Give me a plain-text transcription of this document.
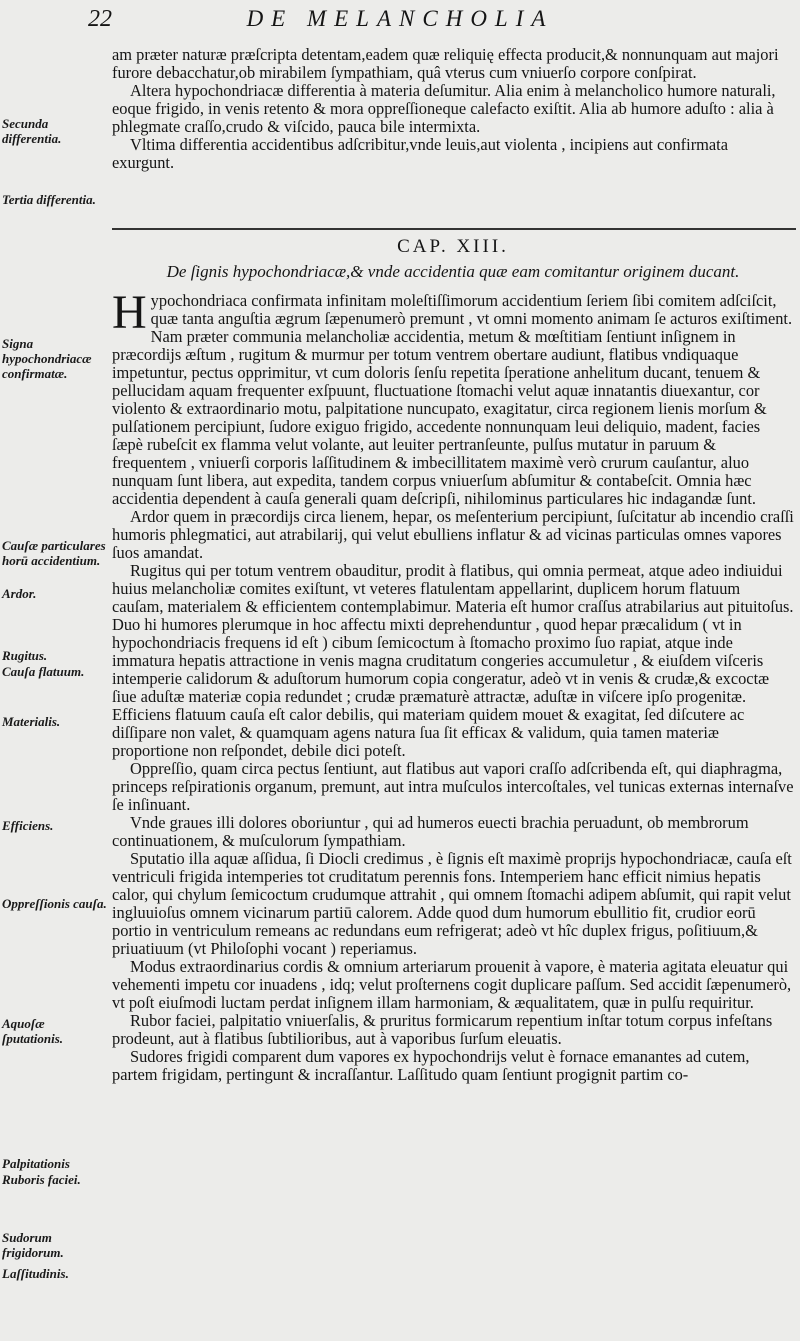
22	DE MELANCHOLIA

am præter naturæ præſcripta detentam,eadem quæ reliquię effecta producit,& nonnunquam aut majori furore debacchatur,ob mirabilem ſympathiam, quâ vterus cum vniuerſo corpore conſpirat.

Altera hypochondriacæ differentia à materia deſumitur. Alia enim à melancholico humore naturali, eoque frigido, in venis retento & mora oppreſſioneque calefacto exiſtit. Alia ab humore aduſto : alia à phlegmate craſſo,crudo & viſcido, pauca bile intermixta.

Vltima differentia accidentibus adſcribitur,vnde leuis,aut violenta , incipiens aut confirmata exurgunt.

CAP. XIII.
De ſignis hypochondriacæ,& vnde accidentia quæ eam comitantur originem ducant.

Hypochondriaca confirmata infinitam moleſtiſſimorum accidentium ſeriem ſibi comitem adſciſcit, quæ tanta anguſtia ægrum ſæpenumerò premunt , vt omni momento animam ſe acturos exiſtiment. Nam præter communia melancholiæ accidentia, metum & mœſtitiam ſentiunt inſignem in præcordijs æſtum , rugitum & murmur per totum ventrem obertare audiunt, flatibus vndiquaque impetuntur, pectus opprimitur, vt cum doloris ſenſu repetita ſperatione anhelitum ducant, tenuem & pellucidam aquam frequenter exſpuunt, fluctuatione ſtomachi velut aquæ innatantis diuexantur, cor violento & extraordinario motu, palpitatione nuncupato, exagitatur, circa regionem lienis morſum & pulſationem percipiunt, ſudore exiguo frigido, accedente nonnunquam leui deliquio, madent, facies ſæpè rubeſcit ex flamma velut volante, aut leuiter pertranſeunte, pulſus mutatur in paruum & frequentem , vniuerſi corporis laſſitudinem & imbecillitatem maximè verò crurum cauſantur, aluo nunquam ſunt libera, aut expedita, tandem corpus vniuerſum abſumitur & contabeſcit. Omnia hæc accidentia dependent à cauſa generali quam deſcripſi, nihilominus particulares hic indagandæ ſunt.

Ardor quem in præcordijs circa lienem, hepar, os meſenterium percipiunt, ſuſcitatur ab incendio craſſi humoris phlegmatici, aut atrabilarij, qui velut ebulliens inflatur & ad vicinas particulas omnes vapores ſuos amandat.

Rugitus qui per totum ventrem obauditur, prodit à flatibus, qui omnia permeat, atque adeo indiuidui huius melancholiæ comites exiſtunt, vt veteres flatulentam appellarint, duplicem horum flatuum cauſam, materialem & efficientem contemplabimur. Materia eſt humor craſſus atrabilarius aut pituitoſus. Duo hi humores plerumque in hoc affectu mixti deprehenduntur , quod hepar præcalidum ( vt in hypochondriacis frequens id eſt ) cibum ſemicoctum à ſtomacho proximo ſuo rapiat, atque inde immatura hepatis attractione in venis magna cruditatum congeries accumuletur , & eiuſdem viſceris intemperie calidorum & aduſtorum humorum copia congeratur, adeò vt in venis & crudæ,& excoctæ ſiue aduſtæ materiæ copia redundet ; crudæ præmaturè attractæ, aduſtæ in viſcere ipſo progenitæ. Efficiens flatuum cauſa eſt calor debilis, qui materiam quidem mouet & exagitat, ſed diſcutere ac diſſipare non valet, & quamquam agens natura ſua ſit efficax & validum, quia tamen materiæ proportione non reſpondet, debile dici poteſt.

Oppreſſio, quam circa pectus ſentiunt, aut flatibus aut vapori craſſo adſcribenda eſt, qui diaphragma, princeps reſpirationis organum, premunt, aut intra muſculos intercoſtales, vel tunicas externas internaſve ſe inſinuant.

Vnde graues illi dolores oboriuntur , qui ad humeros euecti brachia peruadunt, ob membrorum continuationem, & muſculorum ſympathiam.

Sputatio illa aquæ aſſidua, ſi Diocli credimus , è ſignis eſt maximè proprijs hypochondriacæ, cauſa eſt ventriculi frigida intemperies tot cruditatum perennis fons. Intemperiem hanc efficit nimius hepatis calor, qui chylum ſemicoctum crudumque attrahit , qui omnem ſtomachi adipem abſumit, qui rapit velut ingluuioſus omnem vicinarum partiū calorem. Adde quod dum humorum ebullitio fit, crudior eorū portio in ventriculum remeans ac redundans eum refrigerat; adeò vt hîc duplex frigus, poſitiuum,& priuatiuum (vt Philoſophi vocant ) reperiamus.

Modus extraordinarius cordis & omnium arteriarum prouenit à vapore, è materia agitata eleuatur qui vehementi impetu cor inuadens , idq; velut proſternens cogit duplicare paſſum. Sed accidit ſæpenumerò, vt poſt eiuſmodi luctam perdat inſignem illam harmoniam, & æqualitatem, quæ in pulſu requiritur.

Rubor faciei, palpitatio vniuerſalis, & pruritus formicarum repentium inſtar totum corpus infeſtans prodeunt, aut à flatibus ſubtilioribus, aut à vaporibus ſurſum eleuatis.

Sudores frigidi comparent dum vapores ex hypochondrijs velut è fornace emanantes ad cutem, partem frigidam, pertingunt & incraſſantur. Laſſitudo quam ſentiunt progignit partim co-

Secunda differentia.
Tertia differentia.
Signa hypochondriacæ confirmatæ.
Cauſæ particulares horū accidentium.
Ardor.
Rugitus.
Cauſa flatuum.
Materialis.
Efficiens.
Oppreſſionis cauſa.
Aquoſæ ſputationis.
Palpitationis
Ruboris faciei.
Sudorum frigidorum.
Laſſitudinis.
